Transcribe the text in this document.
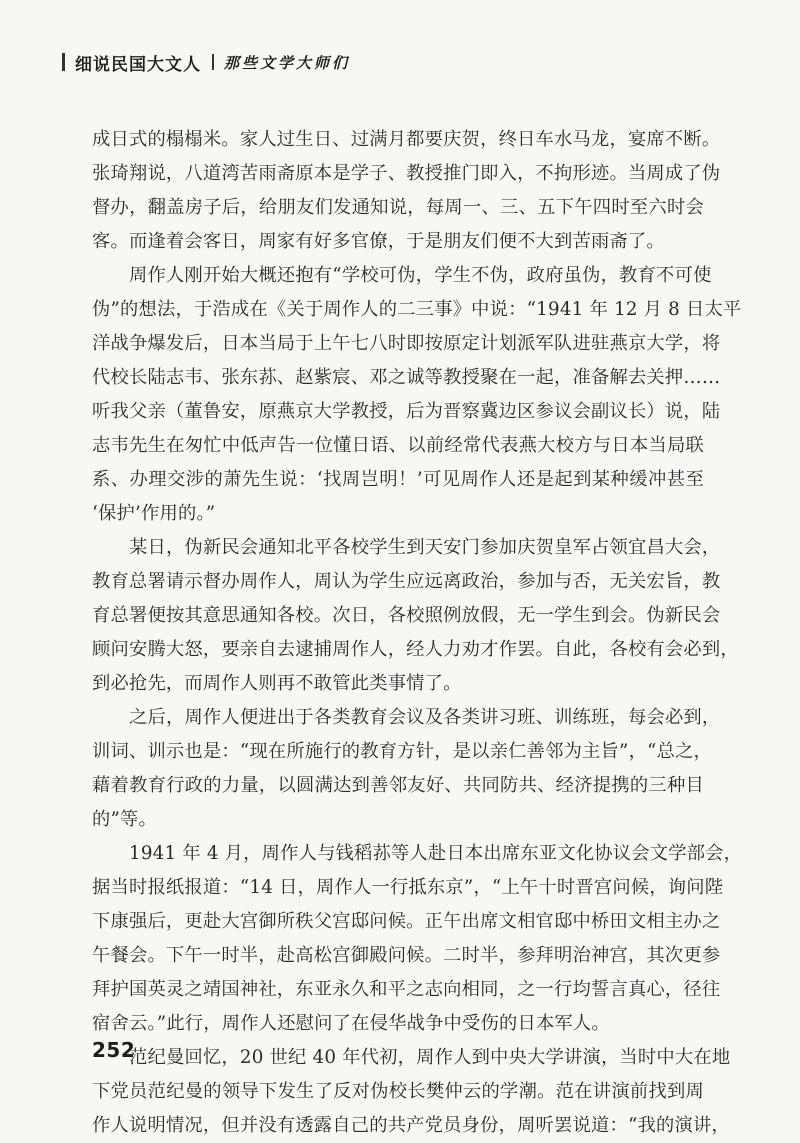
细说民国大文人 那些文学大师们
成日式的榻榻米。家人过生日、过满月都要庆贺，终日车水马龙，宴席不断。
张琦翔说，八道湾苦雨斋原本是学子、教授推门即入，不拘形迹。当周成了伪
督办，翻盖房子后，给朋友们发通知说，每周一、三、五下午四时至六时会
客。而逢着会客日，周家有好多官僚，于是朋友们便不大到苦雨斋了。
周作人刚开始大概还抱有“学校可伪，学生不伪，政府虽伪，教育不可使
伪”的想法，于浩成在《关于周作人的二三事》中说：“1941 年 12 月 8 日太平
洋战争爆发后，日本当局于上午七八时即按原定计划派军队进驻燕京大学，将
代校长陆志韦、张东荪、赵紫宸、邓之诚等教授聚在一起，准备解去关押……
听我父亲（董鲁安，原燕京大学教授，后为晋察冀边区参议会副议长）说，陆
志韦先生在匆忙中低声告一位懂日语、以前经常代表燕大校方与日本当局联
系、办理交涉的萧先生说：‘找周岂明！’可见周作人还是起到某种缓冲甚至
‘保护’作用的。”
某日，伪新民会通知北平各校学生到天安门参加庆贺皇军占领宜昌大会，
教育总署请示督办周作人，周认为学生应远离政治，参加与否，无关宏旨，教
育总署便按其意思通知各校。次日，各校照例放假，无一学生到会。伪新民会
顾问安腾大怒，要亲自去逮捕周作人，经人力劝才作罢。自此，各校有会必到，
到必抢先，而周作人则再不敢管此类事情了。
之后，周作人便进出于各类教育会议及各类讲习班、训练班，每会必到，
训词、训示也是：“现在所施行的教育方针，是以亲仁善邻为主旨”，“总之，
藉着教育行政的力量，以圆满达到善邻友好、共同防共、经济提携的三种目
的”等。
1941 年 4 月，周作人与钱稻荪等人赴日本出席东亚文化协议会文学部会，
据当时报纸报道：“14 日，周作人一行抵东京”，“上午十时晋宫问候，询问陛
下康强后，更赴大宫御所秩父宫邸问候。正午出席文相官邸中桥田文相主办之
午餐会。下午一时半，赴高松宫御殿问候。二时半，参拜明治神宫，其次更参
拜护国英灵之靖国神社，东亚永久和平之志向相同，之一行均誓言真心，径往
宿舍云。”此行，周作人还慰问了在侵华战争中受伤的日本军人。
范纪曼回忆，20 世纪 40 年代初，周作人到中央大学讲演，当时中大在地
下党员范纪曼的领导下发生了反对伪校长樊仲云的学潮。范在讲演前找到周
作人说明情况，但并没有透露自己的共产党员身份，周听罢说道：“我的演讲，
252
